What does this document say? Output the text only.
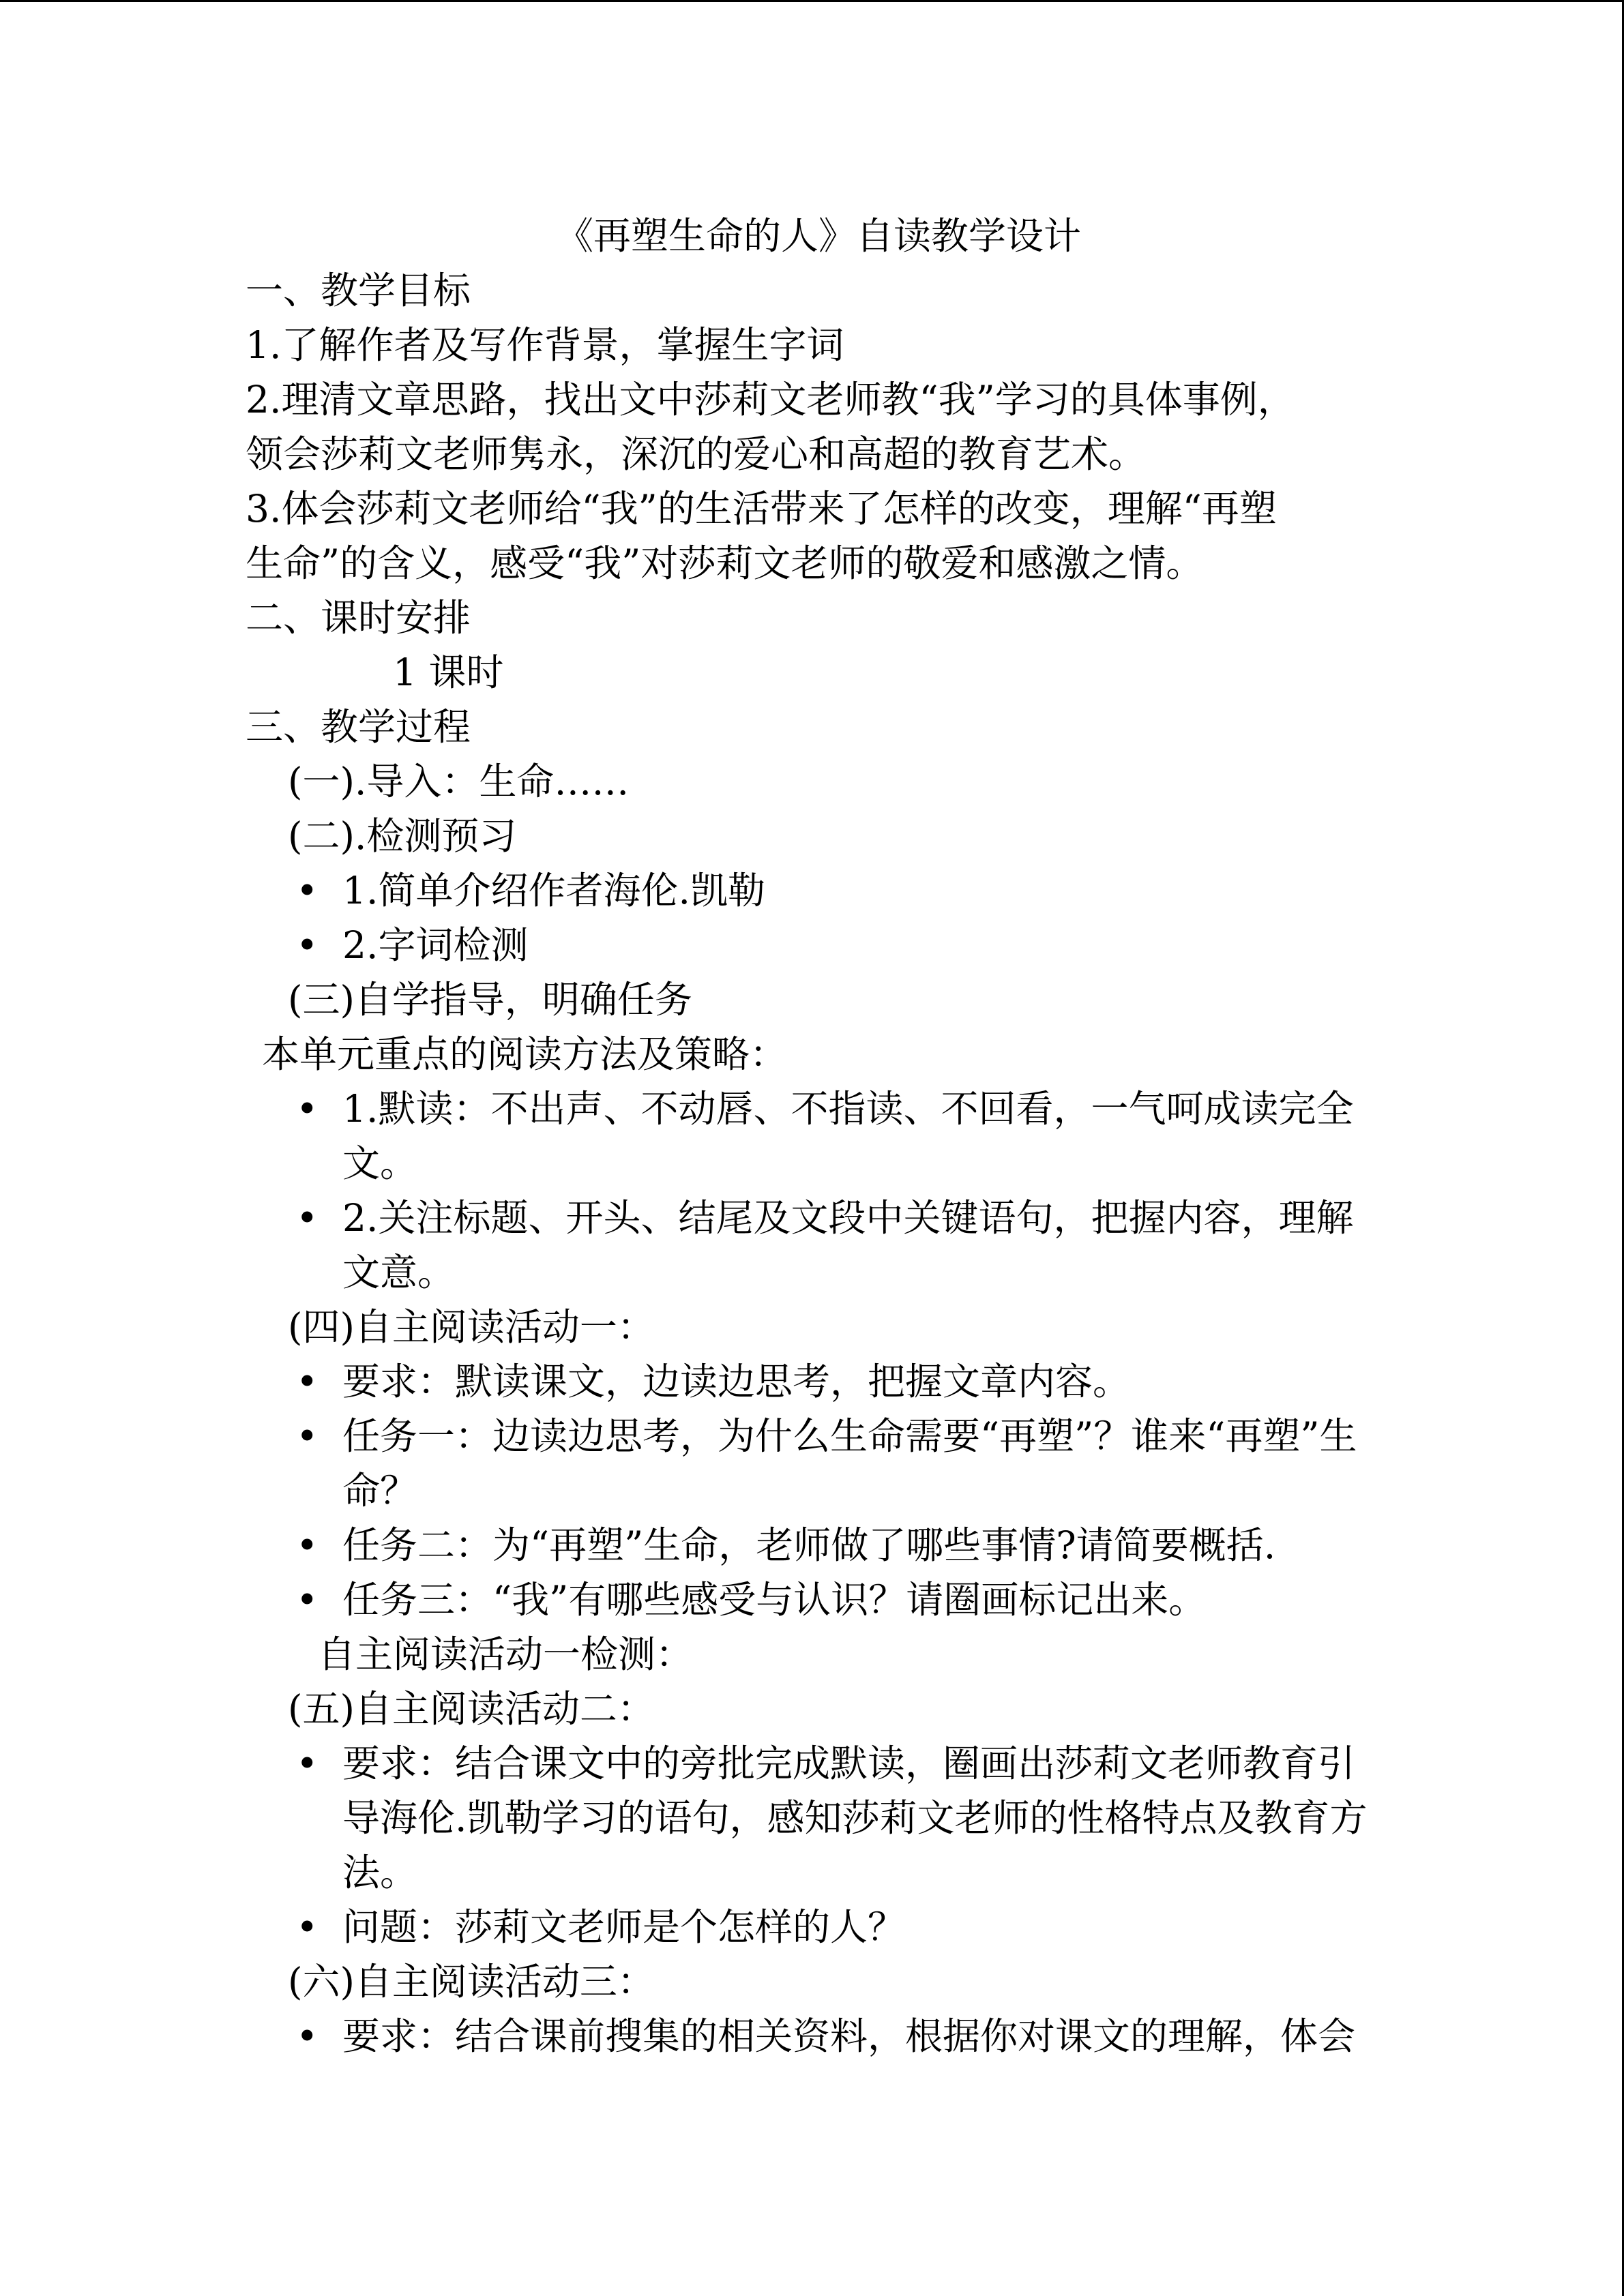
《再塑生命的人》自读教学设计

一、教学目标

1.了解作者及写作背景，掌握生字词

2.理清文章思路，找出文中莎莉文老师教“我”学习的具体事例，

领会莎莉文老师隽永，深沉的爱心和高超的教育艺术。

3.体会莎莉文老师给“我”的生活带来了怎样的改变，理解“再塑

生命”的含义，感受“我”对莎莉文老师的敬爱和感激之情。

二、课时安排

1 课时

三、教学过程

(一).导入：生命……

(二).检测预习

• 1.简单介绍作者海伦.凯勒
• 2.字词检测

(三)自学指导，明确任务

本单元重点的阅读方法及策略：

• 1.默读：不出声、不动唇、不指读、不回看，一气呵成读完全文。
• 2.关注标题、开头、结尾及文段中关键语句，把握内容，理解文意。

(四)自主阅读活动一：

• 要求：默读课文，边读边思考，把握文章内容。
• 任务一：边读边思考，为什么生命需要“再塑”？谁来“再塑”生命？
• 任务二：为“再塑”生命，老师做了哪些事情?请简要概括.
• 任务三：“我”有哪些感受与认识？请圈画标记出来。

自主阅读活动一检测：

(五)自主阅读活动二：

• 要求：结合课文中的旁批完成默读，圈画出莎莉文老师教育引导海伦.凯勒学习的语句，感知莎莉文老师的性格特点及教育方法。
• 问题：莎莉文老师是个怎样的人？

(六)自主阅读活动三：

• 要求：结合课前搜集的相关资料，根据你对课文的理解，体会
